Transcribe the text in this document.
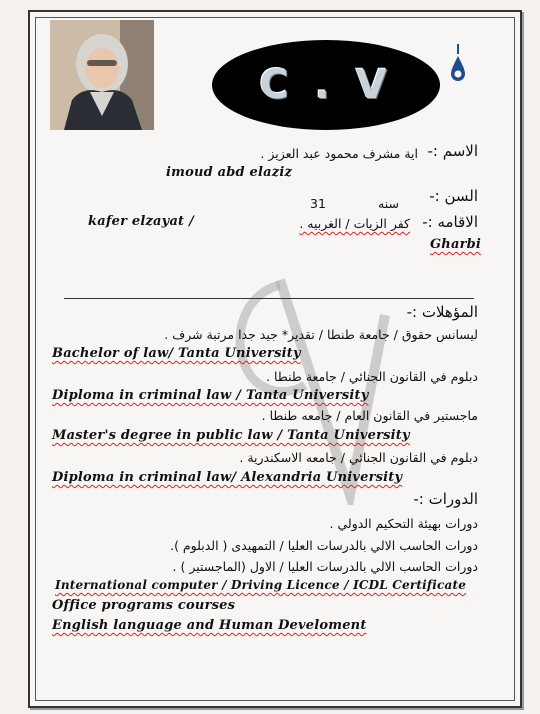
C . V
الاسم :-
اية مشرف محمود عبد العزيز .
imoud abd elaziz
السن :-
سنه
31
الاقامه :-
كفر الزيات / الغربيه .
kafer elzayat /
Gharbi
المؤهلات :-
ليسانس حقوق / جامعة طنطا / تقدير* جيد جدا مرتبة شرف .
Bachelor of law/ Tanta University
دبلوم في القانون الجنائي / جامعة طنطا .
Diploma in criminal law / Tanta University
ماجستير في القانون العام / جامعه طنطا .
Master's degree in public law / Tanta University
دبلوم في القانون الجنائي / جامعه الاسكندرية .
Diploma in criminal law/ Alexandria University
الدورات :-
دورات بهيئة التحكيم الدولي .
دورات الحاسب الالي بالدرسات العليا / التمهيدى ( الدبلوم ).
دورات الحاسب الالي بالدرسات العليا / الاول (الماجستير ) .
International computer / Driving Licence / ICDL Certificate
Office programs courses
English language and Human Develoment
